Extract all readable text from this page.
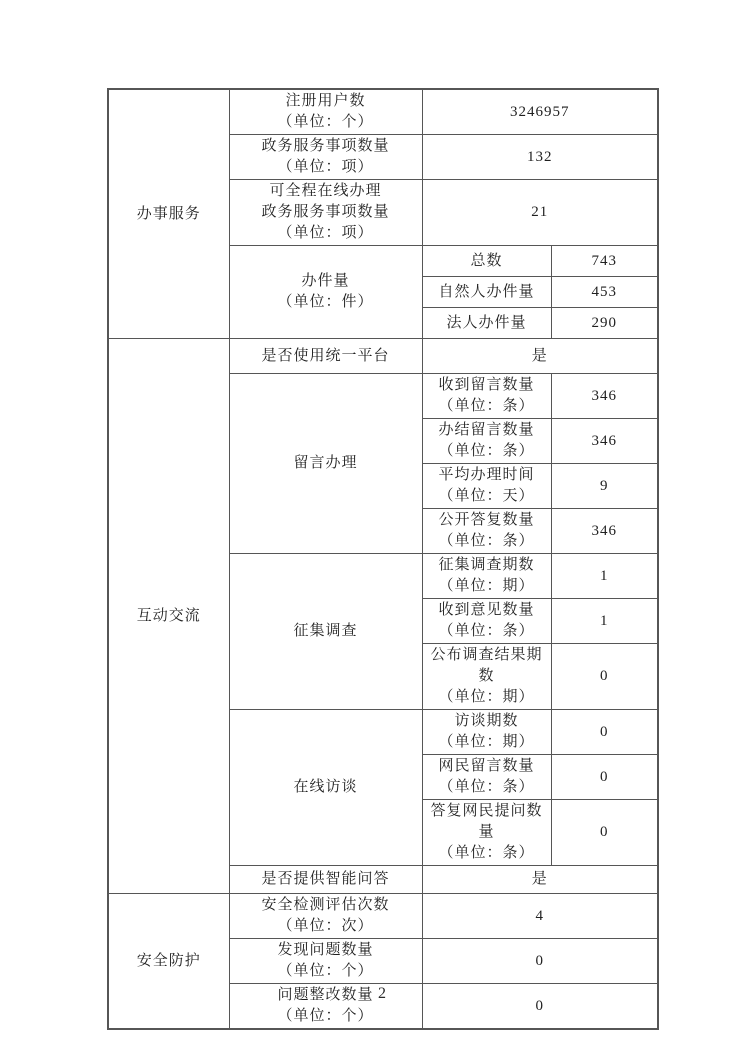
办事服务	注册用户数
（单位：个）	3246957	

	政务服务事项数量
（单位：项）	132	

	可全程在线办理
政务服务事项数量
（单位：项）	21	

	办件量
（单位：件）	总数	743
		自然人办件量	453
		法人办件量	290
互动交流	是否使用统一平台	是	
	留言办理	收到留言数量
（单位：条）	346

		办结留言数量
（单位：条）	346

		平均办理时间
（单位：天）	9

		公开答复数量
（单位：条）	346
	征集调查	征集调查期数
（单位：期）	1

		收到意见数量
（单位：条）	1

		公布调查结果期数
（单位：期）	0
	在线访谈	访谈期数
（单位：期）	0

		网民留言数量
（单位：条）	0

		答复网民提问数量
（单位：条）	0
	是否提供智能问答	是	
安全防护	安全检测评估次数
（单位：次）	4	

	发现问题数量
（单位：个）	0	

	问题整改数量
（单位：个）	0	
2
